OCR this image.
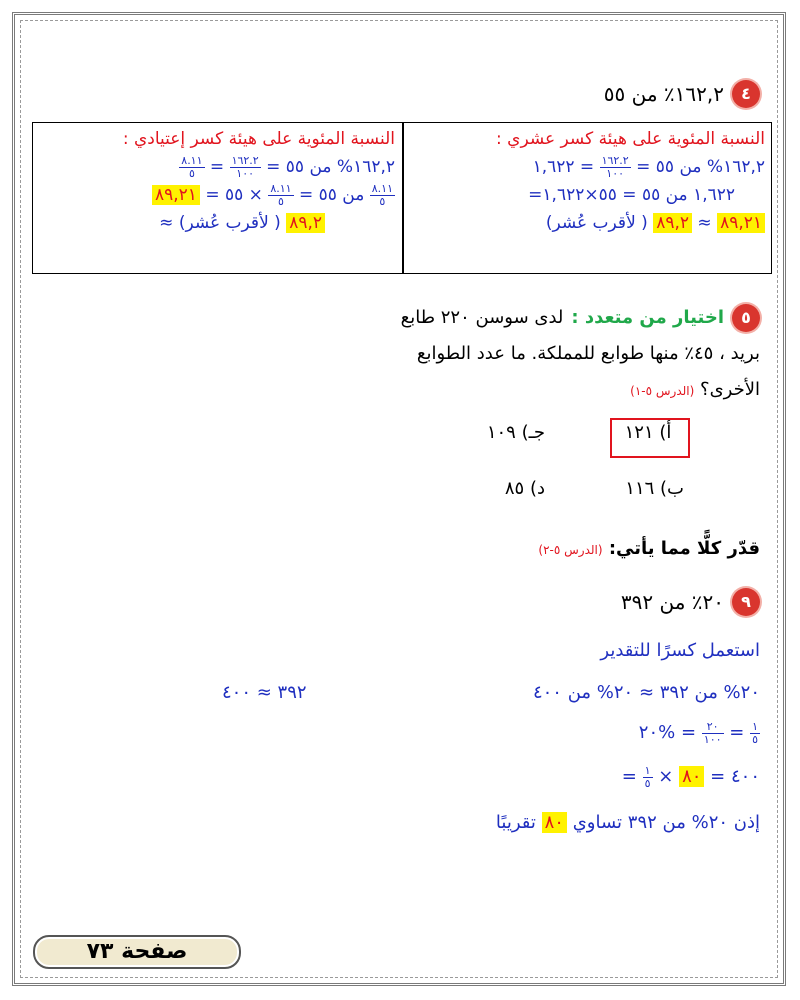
٤
١٦٢,٢٪ من ٥٥
النسبة المئوية على هيئة كسر عشري :
١٦٢,٢% من ٥٥ =
$\frac{١٦٢.٢}{١٠٠}$
= ١,٦٢٢
١,٦٢٢ من ٥٥ = ٥٥×١,٦٢٢=
٨٩,٢١ ≈ ٨٩,٢ ( لأقرب عُشر)
النسبة المئوية على هيئة كسر إعتيادي :
١٦٢,٢% من ٥٥ =
$\frac{١٦٢.٢}{١٠٠}$
=
$\frac{٨.١١}{٥}$
$\frac{٨.١١}{٥}$
من ٥٥ =
$\frac{٨.١١}{٥}$
× ٥٥ = ٨٩,٢١
٨٩,٢ ( لأقرب عُشر) ≈
٥
اختيار من متعدد :
لدى سوسن ٢٢٠ طابع
بريد ، ٤٥٪ منها طوابع للمملكة. ما عدد الطوابع
الأخرى؟ (الدرس ٥-١)
أ) ١٢١
جـ) ١٠٩
ب) ١١٦
د) ٨٥
قدّر كلًّا مما يأتي: (الدرس ٥-٢)
٩
٢٠٪ من ٣٩٢
استعمل كسرًا للتقدير
٢٠% من ٣٩٢ ≈ ٢٠% من ٤٠٠
٣٩٢ ≈ ٤٠٠
٢٠% = $\frac{٢٠}{١٠٠} = \frac{١}{٥}$
= $\frac{١}{٥}$ × ٤٠٠ = ٨٠
إذن ٢٠% من ٣٩٢ تساوي ٨٠ تقريبًا
صفحة ٧٣
